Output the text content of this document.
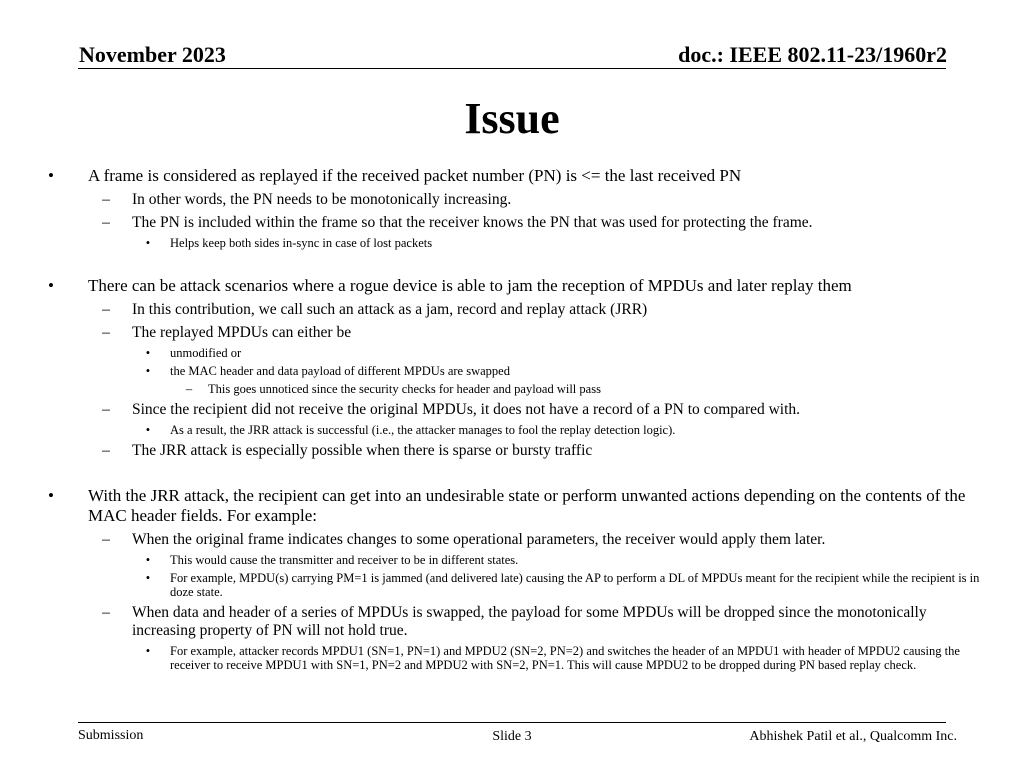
November 2023	doc.: IEEE 802.11-23/1960r2
Issue
• A frame is considered as replayed if the received packet number (PN) is <= the last received PN
– In other words, the PN needs to be monotonically increasing.
– The PN is included within the frame so that the receiver knows the PN that was used for protecting the frame.
•	Helps keep both sides in-sync in case of lost packets
• There can be attack scenarios where a rogue device is able to jam the reception of MPDUs and later replay them
– In this contribution, we call such an attack as a jam, record and replay attack (JRR)
– The replayed MPDUs can either be
•	unmodified or
•	the MAC header and data payload of different MPDUs are swapped
–	This goes unnoticed since the security checks for header and payload will pass
– Since the recipient did not receive the original MPDUs, it does not have a record of a PN to compared with.
•	As a result, the JRR attack is successful (i.e., the attacker manages to fool the replay detection logic).
– The JRR attack is especially possible when there is sparse or bursty traffic
• With the JRR attack, the recipient can get into an undesirable state or perform unwanted actions depending on the contents of the MAC header fields. For example:
– When the original frame indicates changes to some operational parameters, the receiver would apply them later.
•	This would cause the transmitter and receiver to be in different states.
•	For example, MPDU(s) carrying PM=1 is jammed (and delivered late) causing the AP to perform a DL of MPDUs meant for the recipient while the recipient is in doze state.
– When data and header of a series of MPDUs is swapped, the payload for some MPDUs will be dropped since the monotonically increasing property of PN will not hold true.
•	For example, attacker records MPDU1 (SN=1, PN=1) and MPDU2 (SN=2, PN=2) and switches the header of an MPDU1 with header of MPDU2 causing the receiver to receive MPDU1 with SN=1, PN=2 and MPDU2 with SN=2, PN=1. This will cause MPDU2 to be dropped during PN based replay check.
Submission	Slide 3	Abhishek Patil et al., Qualcomm Inc.
